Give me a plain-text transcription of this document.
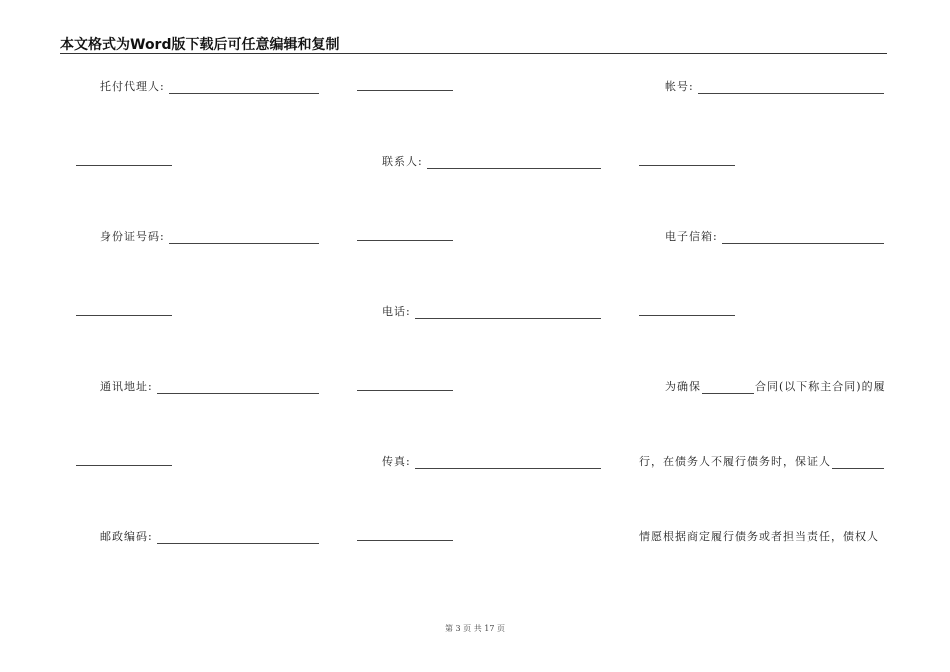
本文格式为Word版下载后可任意编辑和复制
托付代理人:	帐号:
联系人:
身份证号码:	电子信箱:
电话:
通讯地址:	为确保	合同(以下称主合同)的履
传真:	行，在债务人不履行债务时，保证人
邮政编码:	情愿根据商定履行债务或者担当责任，债权人
第 3 页 共 17 页
